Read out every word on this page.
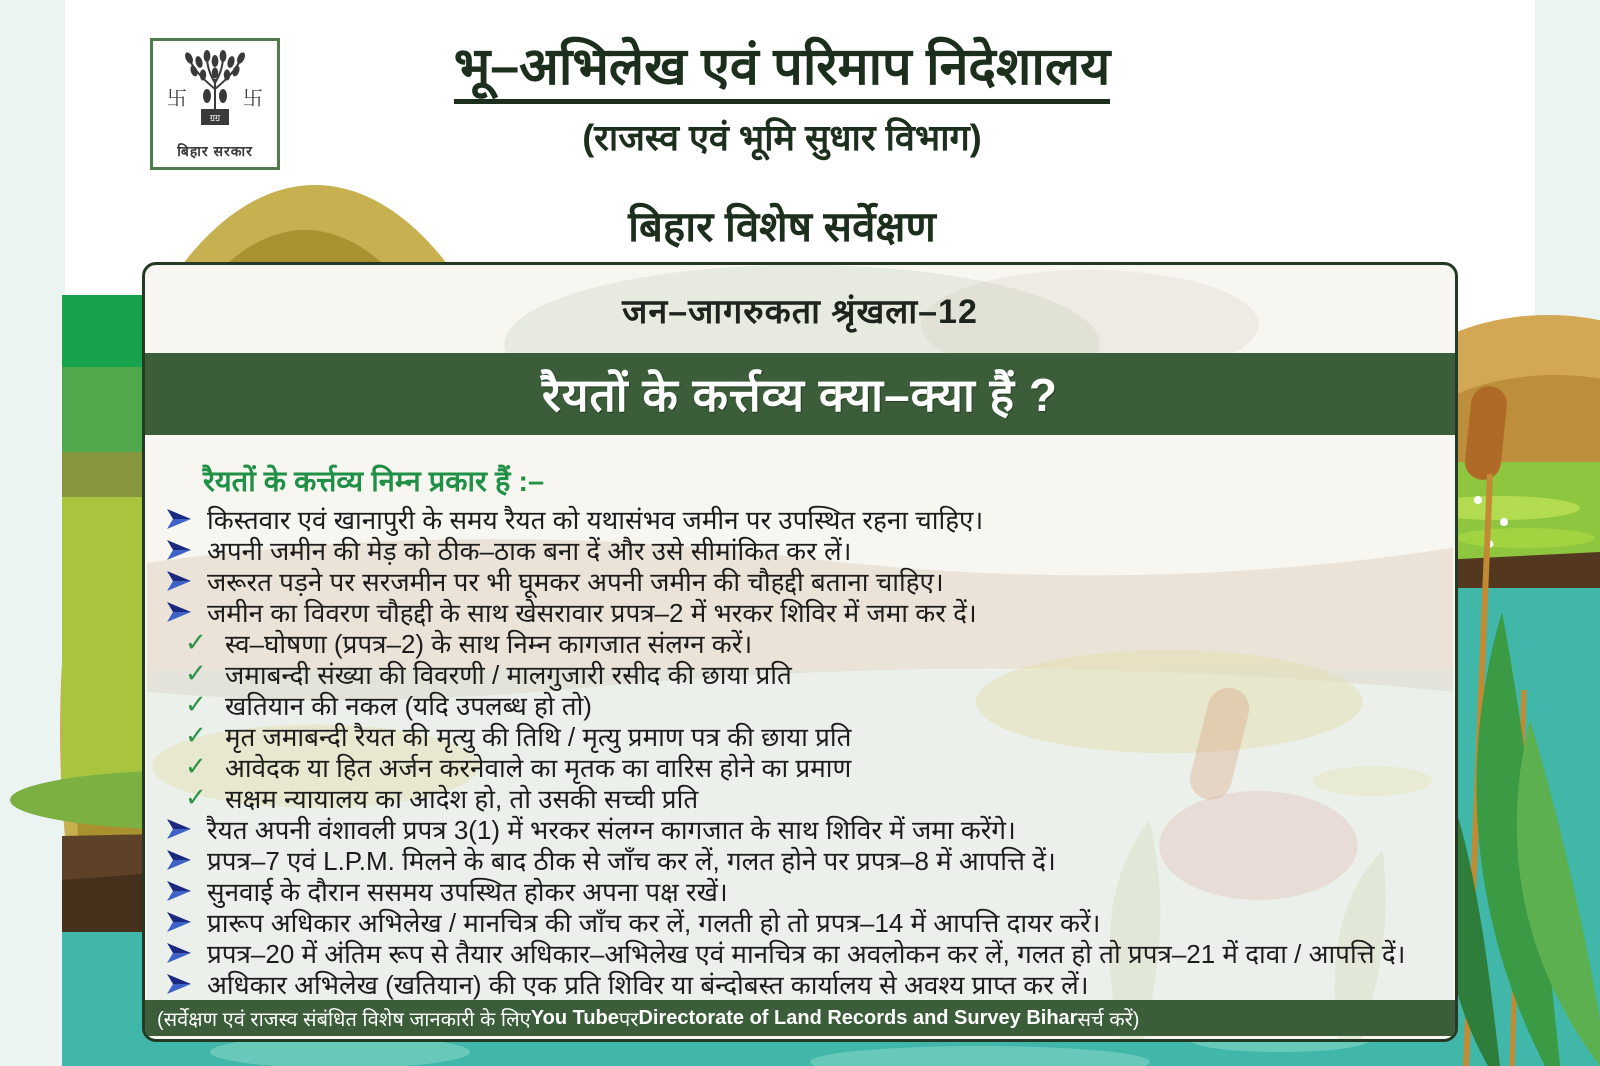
ॻॻ
卐	卐
बिहार सरकार
भू–अभिलेख एवं परिमाप निदेशालय
(राजस्व एवं भूमि सुधार विभाग)
बिहार विशेष सर्वेक्षण
जन–जागरुकता श्रृंखला–12
रैयतों के कर्त्तव्य क्या–क्या हैं ?
रैयतों के कर्त्तव्य निम्न प्रकार हैं :–
किस्तवार एवं खानापुरी के समय रैयत को यथासंभव जमीन पर उपस्थित रहना चाहिए।
अपनी जमीन की मेड़ को ठीक–ठाक बना दें और उसे सीमांकित कर लें।
जरूरत पड़ने पर सरजमीन पर भी घूमकर अपनी जमीन की चौहद्दी बताना चाहिए।
जमीन का विवरण चौहद्दी के साथ खेसरावार प्रपत्र–2 में भरकर शिविर में जमा कर दें।
✓ स्व–घोषणा (प्रपत्र–2) के साथ निम्न कागजात संलग्न करें।
✓ जमाबन्दी संख्या की विवरणी / मालगुजारी रसीद की छाया प्रति
✓ खतियान की नकल (यदि उपलब्ध हो तो)
✓ मृत जमाबन्दी रैयत की मृत्यु की तिथि / मृत्यु प्रमाण पत्र की छाया प्रति
✓ आवेदक या हित अर्जन करनेवाले का मृतक का वारिस होने का प्रमाण
✓ सक्षम न्यायालय का आदेश हो, तो उसकी सच्ची प्रति
रैयत अपनी वंशावली प्रपत्र 3(1) में भरकर संलग्न कागजात के साथ शिविर में जमा करेंगे।
प्रपत्र–7 एवं L.P.M. मिलने के बाद ठीक से जाँच कर लें, गलत होने पर प्रपत्र–8 में आपत्ति दें।
सुनवाई के दौरान ससमय उपस्थित होकर अपना पक्ष रखें।
प्रारूप अधिकार अभिलेख / मानचित्र की जाँच कर लें, गलती हो तो प्रपत्र–14 में आपत्ति दायर करें।
प्रपत्र–20 में अंतिम रूप से तैयार अधिकार–अभिलेख एवं मानचित्र का अवलोकन कर लें, गलत हो तो प्रपत्र–21 में दावा / आपत्ति दें।
अधिकार अभिलेख (खतियान) की एक प्रति शिविर या बंन्दोबस्त कार्यालय से अवश्य प्राप्त कर लें।
(सर्वेक्षण एवं राजस्व संबंधित विशेष जानकारी के लिए You Tube पर Directorate of Land Records and Survey Bihar सर्च करें)
